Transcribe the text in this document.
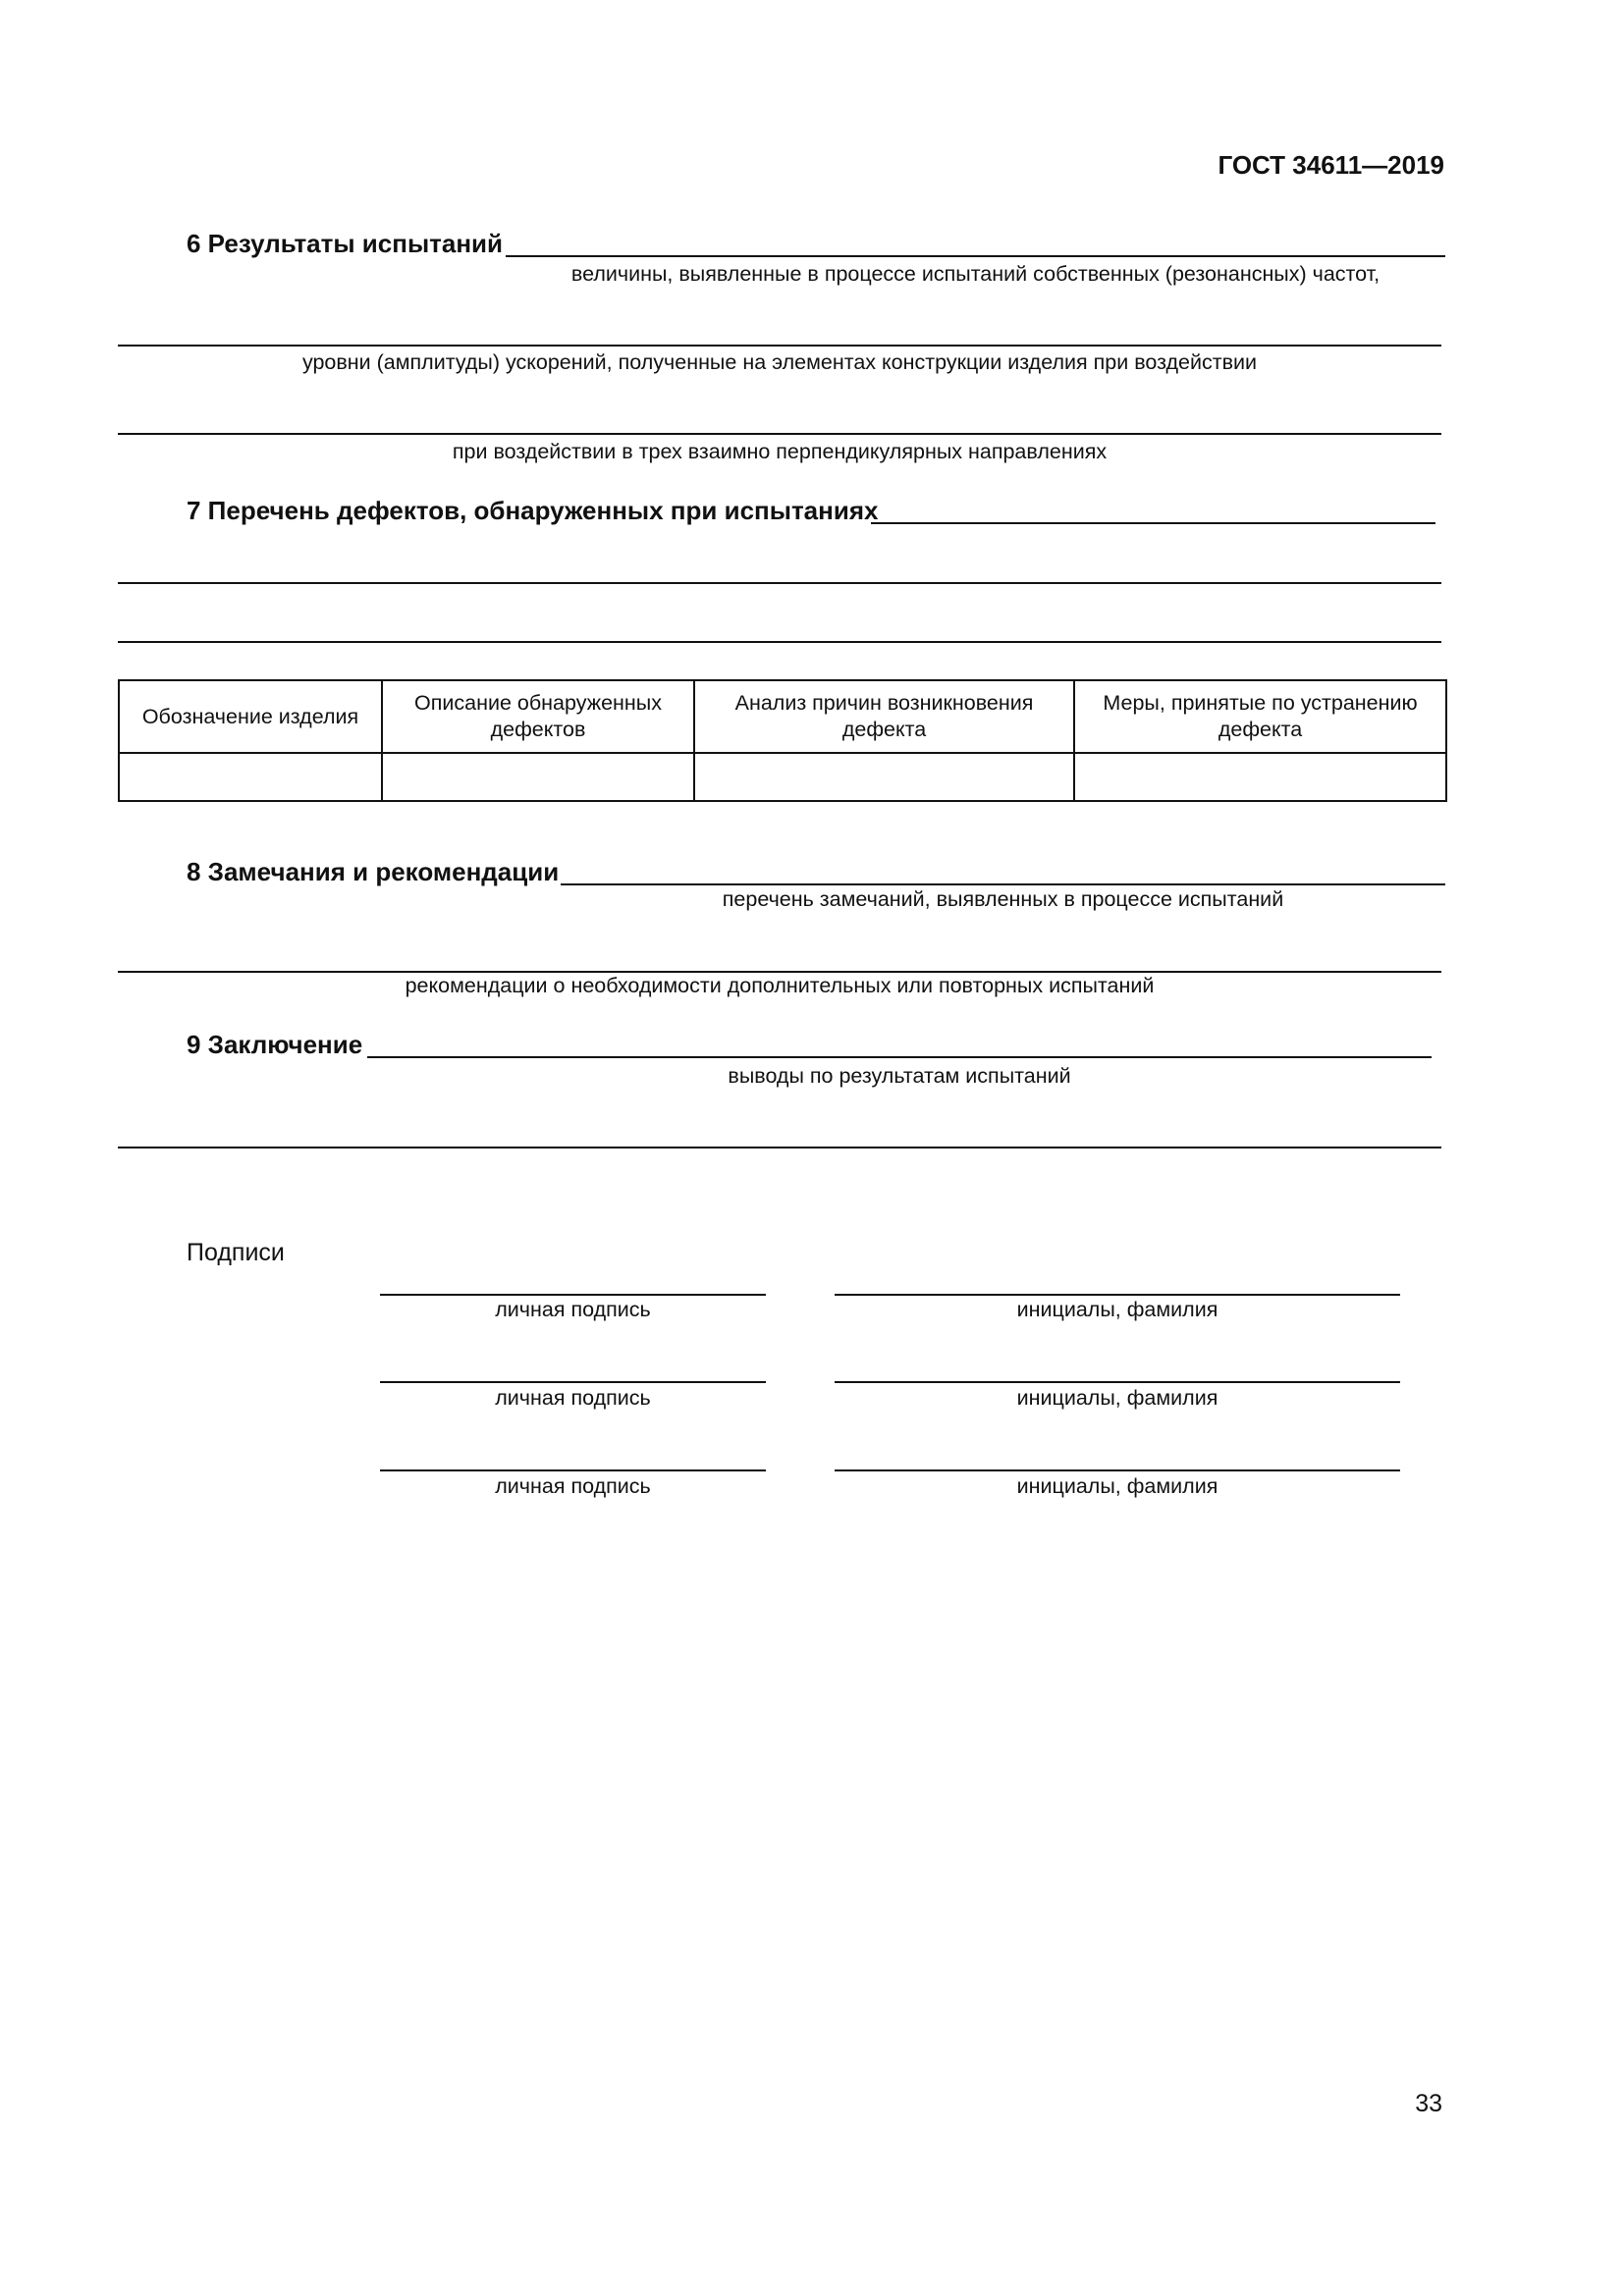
ГОСТ 34611—2019
6 Результаты испытаний
величины, выявленные в процессе испытаний собственных (резонансных) частот,
уровни (амплитуды) ускорений, полученные на элементах конструкции изделия при воздействии
при воздействии в трех взаимно перпендикулярных направлениях
7 Перечень дефектов, обнаруженных при испытаниях
Обозначение изделия	Описание обнаруженных дефектов	Анализ причин возникновения дефекта	Меры, принятые по устранению дефекта

8 Замечания и рекомендации
перечень замечаний, выявленных в процессе испытаний
рекомендации о необходимости дополнительных или повторных испытаний
9 Заключение
выводы по результатам испытаний
Подписи
личная подпись	инициалы, фамилия
личная подпись	инициалы, фамилия
личная подпись	инициалы, фамилия
33
